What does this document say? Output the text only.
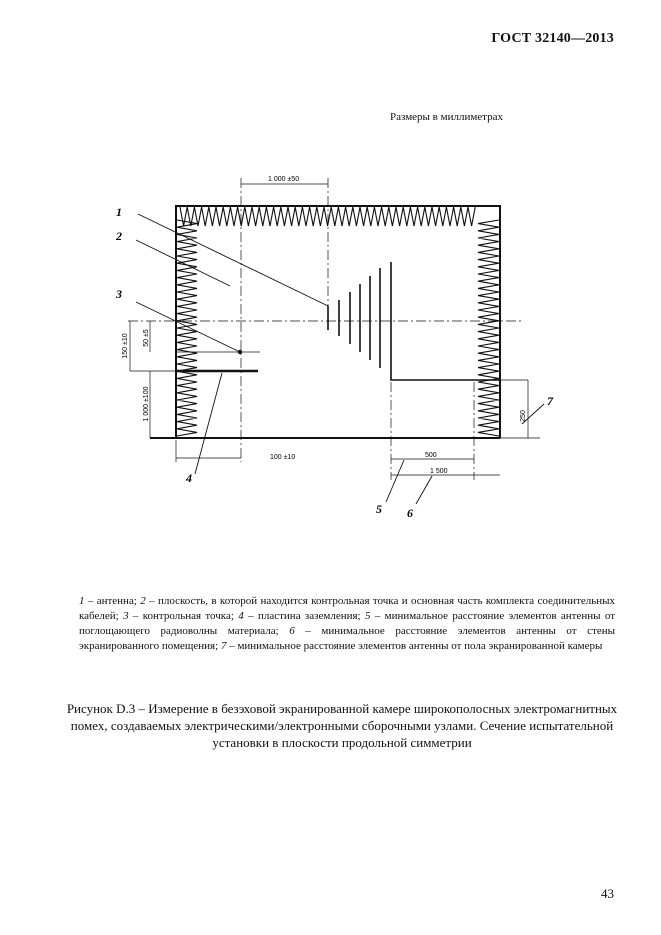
ГОСТ 32140—2013
Размеры в миллиметрах
1 000 ±50
150 ±10 50 ±5
1 000 ±100
100 ±10	500
1 500
250
1
2
3
4
5 6
7
1 – антенна; 2 – плоскость, в которой находится контрольная точка и основная часть комплекта соединительных кабелей; 3 – контрольная точка; 4 – пластина заземления; 5 – минимальное расстояние элементов антенны от поглощающего радиоволны материала; 6 – минимальное расстояние элементов антенны от стены экранированного помещения; 7 – минимальное расстояние элементов антенны от пола экранированной камеры
Рисунок D.3 – Измерение в безэховой экранированной камере широкополосных электромагнитных помех, создаваемых электрическими/электронными сборочными узлами. Сечение испытательной установки в плоскости продольной симметрии
43
